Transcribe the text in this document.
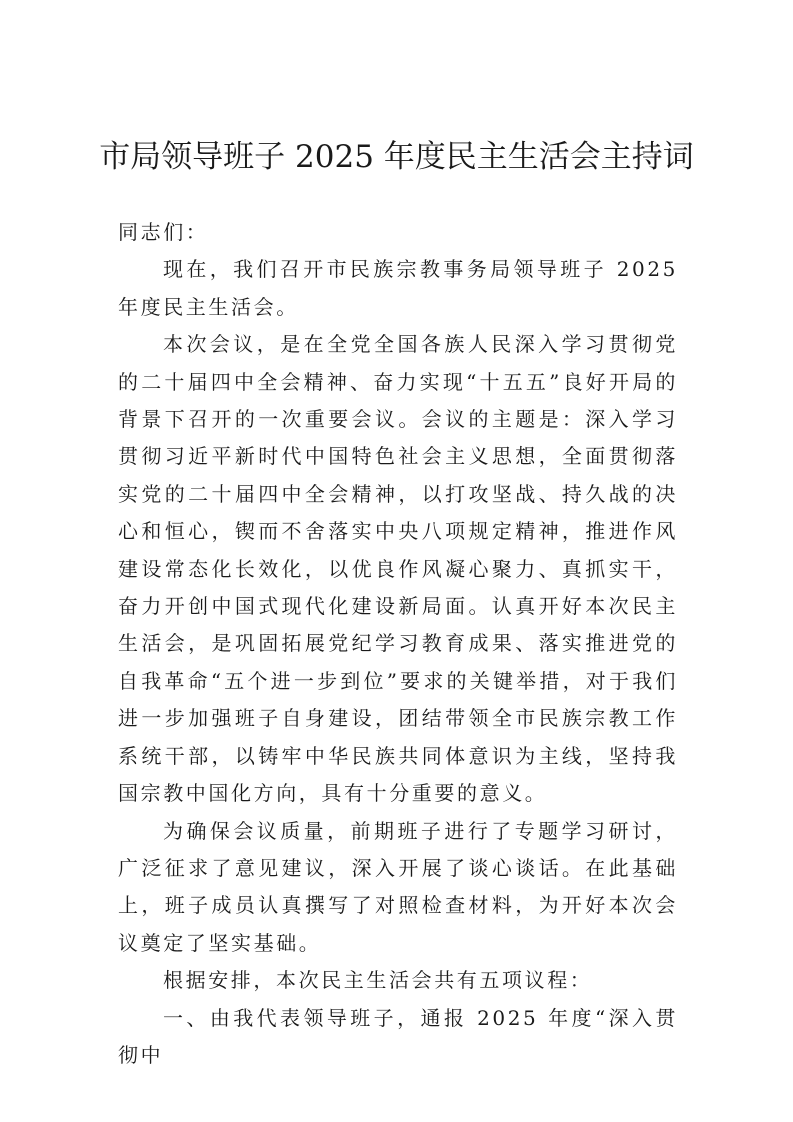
市局领导班子 2025 年度民主生活会主持词

同志们：

现在，我们召开市民族宗教事务局领导班子 2025 年度民主生活会。

本次会议，是在全党全国各族人民深入学习贯彻党的二十届四中全会精神、奋力实现“十五五”良好开局的背景下召开的一次重要会议。会议的主题是：深入学习贯彻习近平新时代中国特色社会主义思想，全面贯彻落实党的二十届四中全会精神，以打攻坚战、持久战的决心和恒心，锲而不舍落实中央八项规定精神，推进作风建设常态化长效化，以优良作风凝心聚力、真抓实干，奋力开创中国式现代化建设新局面。认真开好本次民主生活会，是巩固拓展党纪学习教育成果、落实推进党的自我革命“五个进一步到位”要求的关键举措，对于我们进一步加强班子自身建设，团结带领全市民族宗教工作系统干部，以铸牢中华民族共同体意识为主线，坚持我国宗教中国化方向，具有十分重要的意义。

为确保会议质量，前期班子进行了专题学习研讨，广泛征求了意见建议，深入开展了谈心谈话。在此基础上，班子成员认真撰写了对照检查材料，为开好本次会议奠定了坚实基础。

根据安排，本次民主生活会共有五项议程：

一、由我代表领导班子，通报 2025 年度“深入贯彻中
